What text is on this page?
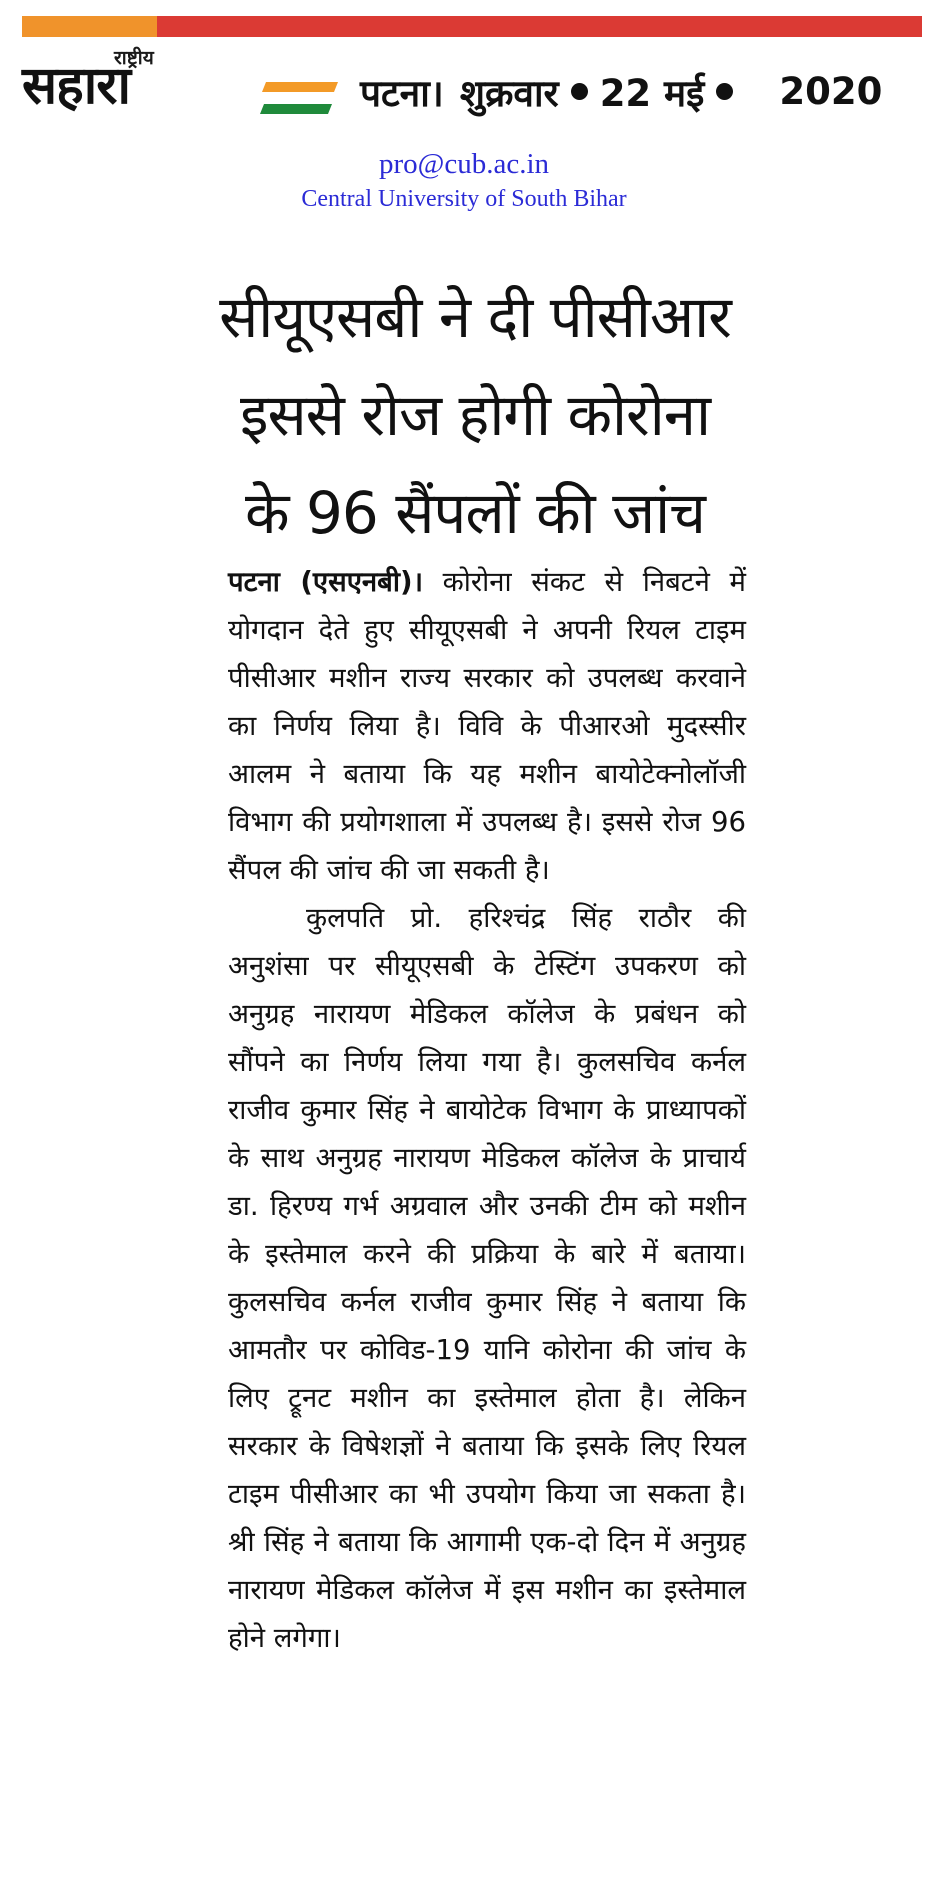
राष्ट्रीय
सहारा	पटना। शुक्रवार 22 मई 2020
pro@cub.ac.in
Central University of South Bihar
सीयूएसबी ने दी पीसीआर
इससे रोज होगी कोरोना
के 96 सैंपलों की जांच

पटना (एसएनबी)। कोरोना संकट से निबटने में योगदान देते हुए सीयूएसबी ने अपनी रियल टाइम पीसीआर मशीन राज्य सरकार को उपलब्ध करवाने का निर्णय लिया है। विवि के पीआरओ मुदस्सीर आलम ने बताया कि यह मशीन बायोटेक्नोलॉजी विभाग की प्रयोगशाला में उपलब्ध है। इससे रोज 96 सैंपल की जांच की जा सकती है।

कुलपति प्रो. हरिश्चंद्र सिंह राठौर की अनुशंसा पर सीयूएसबी के टेस्टिंग उपकरण को अनुग्रह नारायण मेडिकल कॉलेज के प्रबंधन को सौंपने का निर्णय लिया गया है। कुलसचिव कर्नल राजीव कुमार सिंह ने बायोटेक विभाग के प्राध्यापकों के साथ अनुग्रह नारायण मेडिकल कॉलेज के प्राचार्य डा. हिरण्य गर्भ अग्रवाल और उनकी टीम को मशीन के इस्तेमाल करने की प्रक्रिया के बारे में बताया। कुलसचिव कर्नल राजीव कुमार सिंह ने बताया कि आमतौर पर कोविड-19 यानि कोरोना की जांच के लिए ट्रूनट मशीन का इस्तेमाल होता है। लेकिन सरकार के विषेशज्ञों ने बताया कि इसके लिए रियल टाइम पीसीआर का भी उपयोग किया जा सकता है। श्री सिंह ने बताया कि आगामी एक-दो दिन में अनुग्रह नारायण मेडिकल कॉलेज में इस मशीन का इस्तेमाल होने लगेगा।
